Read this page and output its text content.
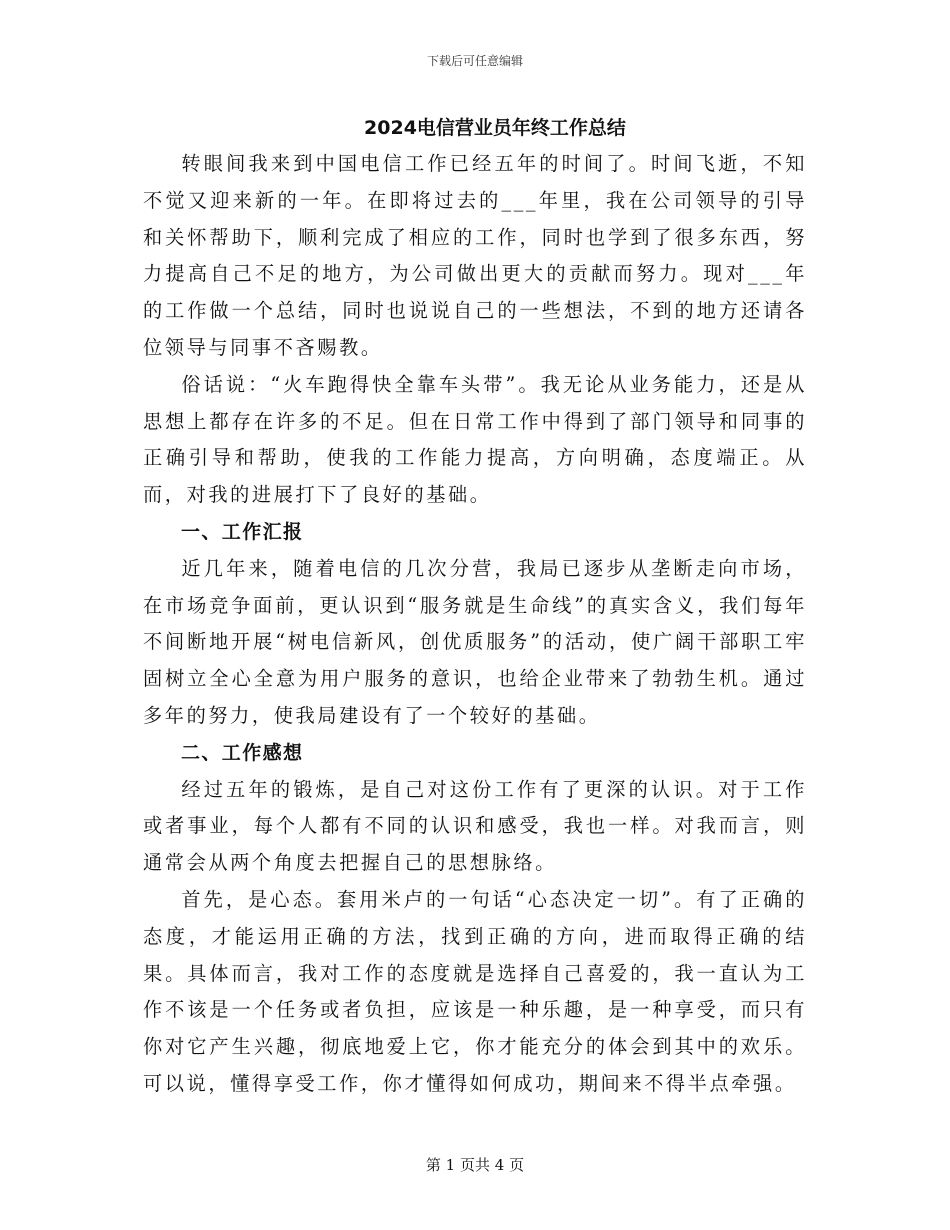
下载后可任意编辑
2024电信营业员年终工作总结

转眼间我来到中国电信工作已经五年的时间了。时间飞逝，不知不觉又迎来新的一年。在即将过去的___年里，我在公司领导的引导和关怀帮助下，顺利完成了相应的工作，同时也学到了很多东西，努力提高自己不足的地方，为公司做出更大的贡献而努力。现对___年的工作做一个总结，同时也说说自己的一些想法，不到的地方还请各位领导与同事不吝赐教。

俗话说：“火车跑得快全靠车头带”。我无论从业务能力，还是从思想上都存在许多的不足。但在日常工作中得到了部门领导和同事的正确引导和帮助，使我的工作能力提高，方向明确，态度端正。从而，对我的进展打下了良好的基础。

一、工作汇报

近几年来，随着电信的几次分营，我局已逐步从垄断走向市场，在市场竞争面前，更认识到“服务就是生命线”的真实含义，我们每年不间断地开展“树电信新风，创优质服务”的活动，使广阔干部职工牢固树立全心全意为用户服务的意识，也给企业带来了勃勃生机。通过多年的努力，使我局建设有了一个较好的基础。

二、工作感想

经过五年的锻炼，是自己对这份工作有了更深的认识。对于工作或者事业，每个人都有不同的认识和感受，我也一样。对我而言，则通常会从两个角度去把握自己的思想脉络。

首先，是心态。套用米卢的一句话“心态决定一切”。有了正确的态度，才能运用正确的方法，找到正确的方向，进而取得正确的结果。具体而言，我对工作的态度就是选择自己喜爱的，我一直认为工作不该是一个任务或者负担，应该是一种乐趣，是一种享受，而只有你对它产生兴趣，彻底地爱上它，你才能充分的体会到其中的欢乐。可以说，懂得享受工作，你才懂得如何成功，期间来不得半点牵强。

第 1 页共 4 页
